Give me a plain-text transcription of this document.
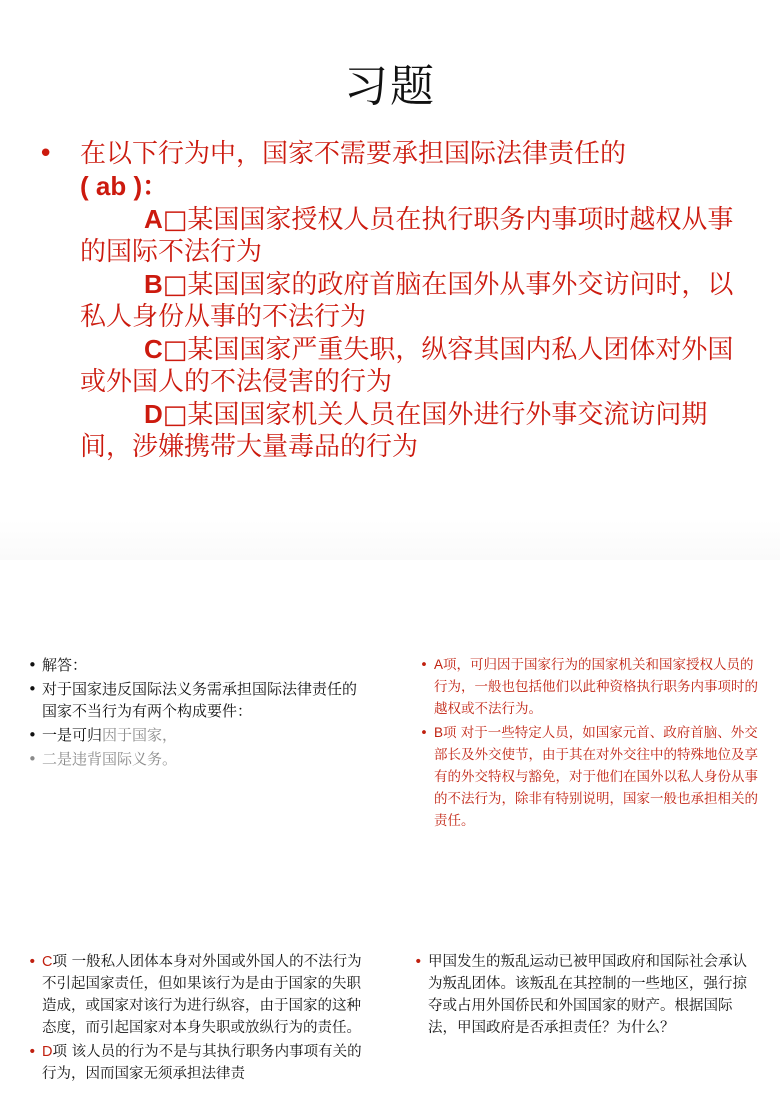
习题
• 在以下行为中，国家不需要承担国际法律责任的
( ab )：
A□某国国家授权人员在执行职务内事项时越权从事的国际不法行为
B□某国国家的政府首脑在国外从事外交访问时，以私人身份从事的不法行为
C□某国国家严重失职，纵容其国内私人团体对外国或外国人的不法侵害的行为
D□某国国家机关人员在国外进行外事交流访问期间，涉嫌携带大量毒品的行为
• 解答：
• 对于国家违反国际法义务需承担国际法律责任的国家不当行为有两个构成要件：
• 一是可归因于国家，
• 二是违背国际义务。
• A项，可归因于国家行为的国家机关和国家授权人员的行为，一般也包括他们以此种资格执行职务内事项时的越权或不法行为。
• B项 对于一些特定人员，如国家元首、政府首脑、外交部长及外交使节，由于其在对外交往中的特殊地位及享有的外交特权与豁免，对于他们在国外以私人身份从事的不法行为，除非有特别说明，国家一般也承担相关的责任。
• C项 一般私人团体本身对外国或外国人的不法行为不引起国家责任，但如果该行为是由于国家的失职造成，或国家对该行为进行纵容，由于国家的这种态度，而引起国家对本身失职或放纵行为的责任。
• D项 该人员的行为不是与其执行职务内事项有关的行为，因而国家无须承担法律责
• 甲国发生的叛乱运动已被甲国政府和国际社会承认为叛乱团体。该叛乱在其控制的一些地区，强行掠夺或占用外国侨民和外国国家的财产。根据国际法，甲国政府是否承担责任？为什么？
